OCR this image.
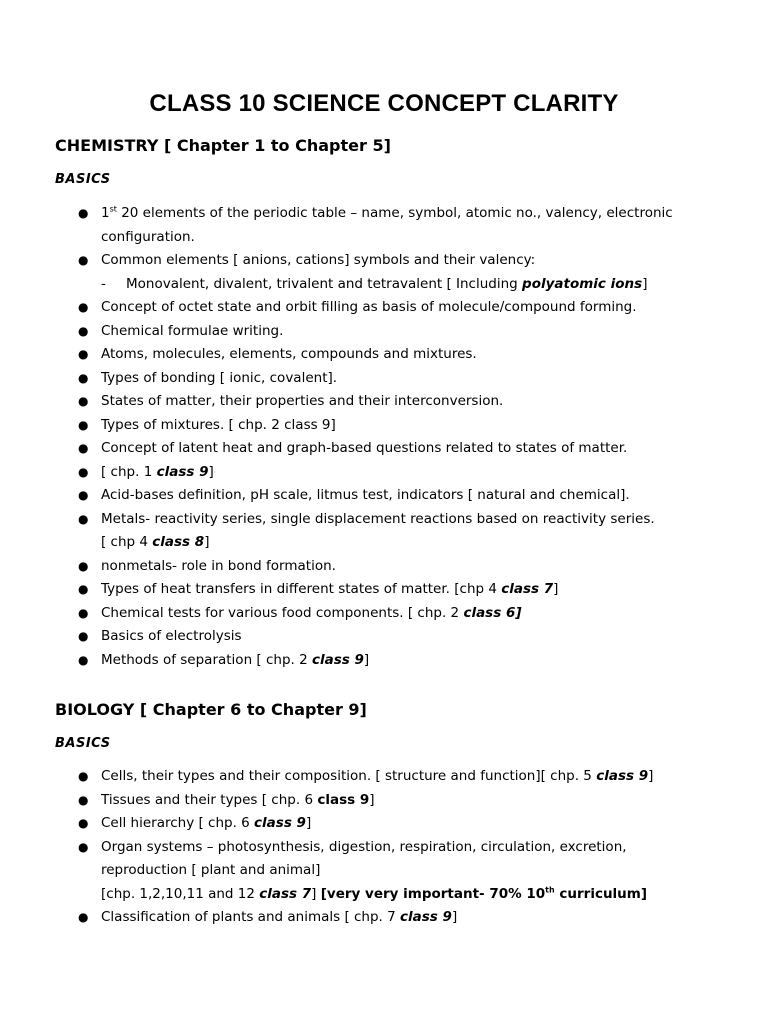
CLASS 10 SCIENCE CONCEPT CLARITY
CHEMISTRY [ Chapter 1 to Chapter 5]
BASICS
● 1st 20 elements of the periodic table – name, symbol, atomic no., valency, electronic
configuration.
● Common elements [ anions, cations] symbols and their valency:
- Monovalent, divalent, trivalent and tetravalent [ Including polyatomic ions]
● Concept of octet state and orbit filling as basis of molecule/compound forming.
● Chemical formulae writing.
● Atoms, molecules, elements, compounds and mixtures.
● Types of bonding [ ionic, covalent].
● States of matter, their properties and their interconversion.
● Types of mixtures. [ chp. 2 class 9]
● Concept of latent heat and graph-based questions related to states of matter.
● [ chp. 1 class 9]
● Acid-bases definition, pH scale, litmus test, indicators [ natural and chemical].
● Metals- reactivity series, single displacement reactions based on reactivity series.
[ chp 4 class 8]
● nonmetals- role in bond formation.
● Types of heat transfers in different states of matter. [chp 4 class 7]
● Chemical tests for various food components. [ chp. 2 class 6]
● Basics of electrolysis
● Methods of separation [ chp. 2 class 9]
BIOLOGY [ Chapter 6 to Chapter 9]
BASICS
● Cells, their types and their composition. [ structure and function][ chp. 5 class 9]
● Tissues and their types [ chp. 6 class 9]
● Cell hierarchy [ chp. 6 class 9]
● Organ systems – photosynthesis, digestion, respiration, circulation, excretion,
reproduction [ plant and animal]
[chp. 1,2,10,11 and 12 class 7] [very very important- 70% 10th curriculum]
● Classification of plants and animals [ chp. 7 class 9]
